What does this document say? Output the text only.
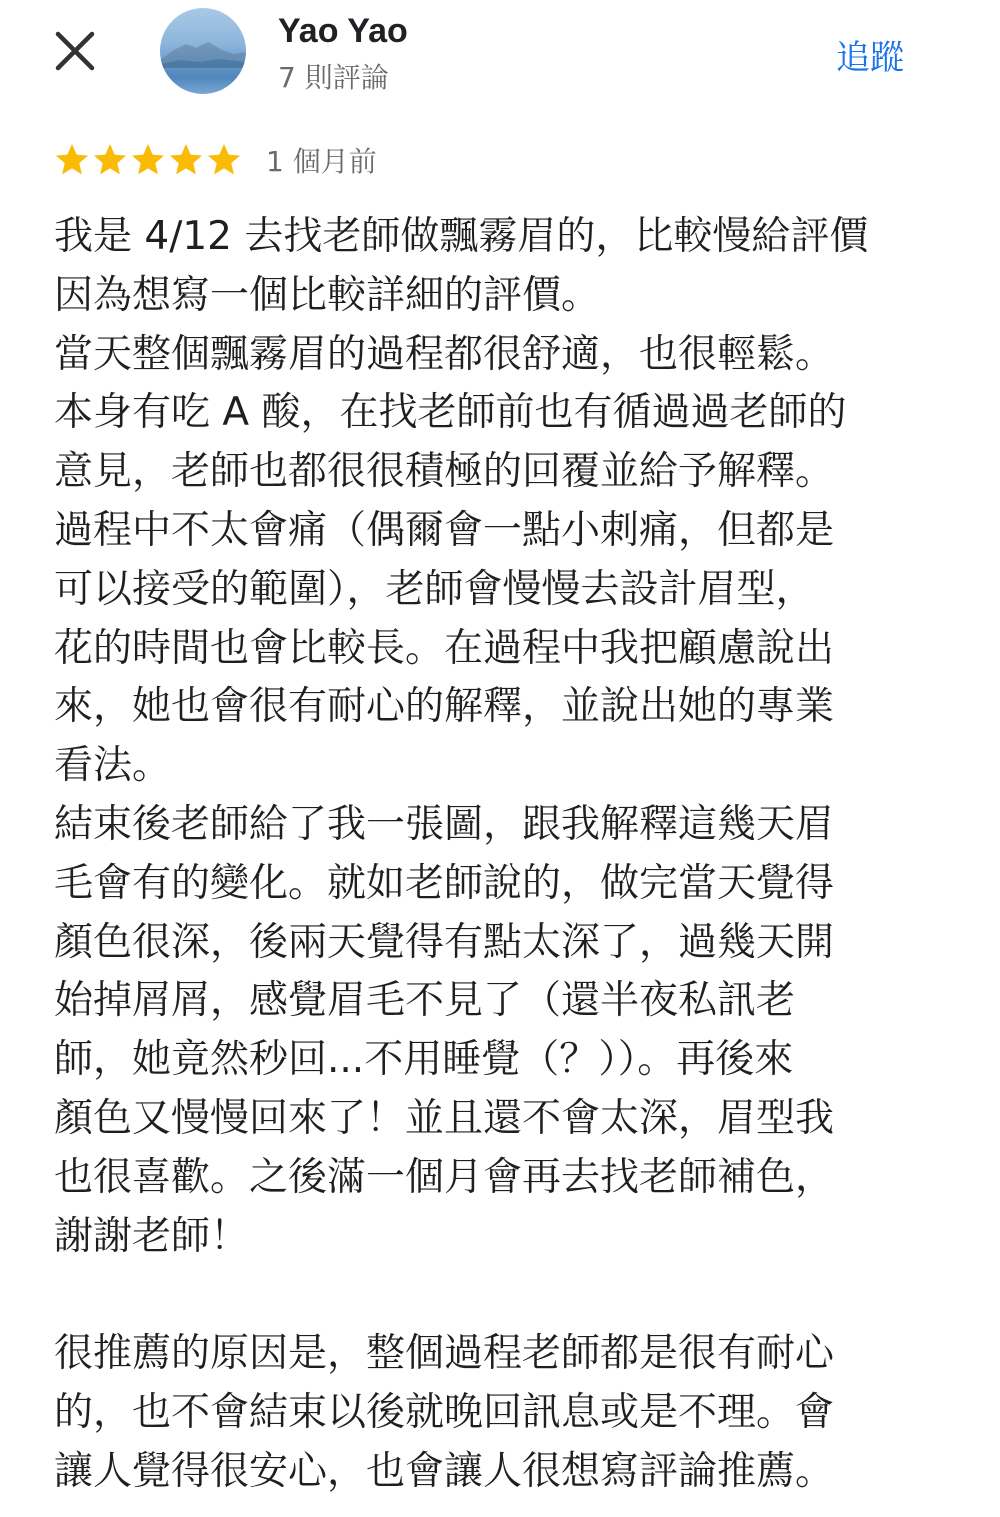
Yao Yao
7 則評論	追蹤
1 個月前
我是 4/12 去找老師做飄霧眉的，比較慢給評價
因為想寫一個比較詳細的評價。
當天整個飄霧眉的過程都很舒適，也很輕鬆。
本身有吃 A 酸，在找老師前也有循過過老師的
意見，老師也都很很積極的回覆並給予解釋。
過程中不太會痛（偶爾會一點小刺痛，但都是
可以接受的範圍），老師會慢慢去設計眉型，
花的時間也會比較長。在過程中我把顧慮說出
來，她也會很有耐心的解釋，並說出她的專業
看法。
結束後老師給了我一張圖，跟我解釋這幾天眉
毛會有的變化。就如老師說的，做完當天覺得
顏色很深，後兩天覺得有點太深了，過幾天開
始掉屑屑，感覺眉毛不見了（還半夜私訊老
師，她竟然秒回...不用睡覺（？））。再後來
顏色又慢慢回來了！並且還不會太深，眉型我
也很喜歡。之後滿一個月會再去找老師補色，
謝謝老師！
很推薦的原因是，整個過程老師都是很有耐心
的，也不會結束以後就晚回訊息或是不理。會
讓人覺得很安心，也會讓人很想寫評論推薦。
